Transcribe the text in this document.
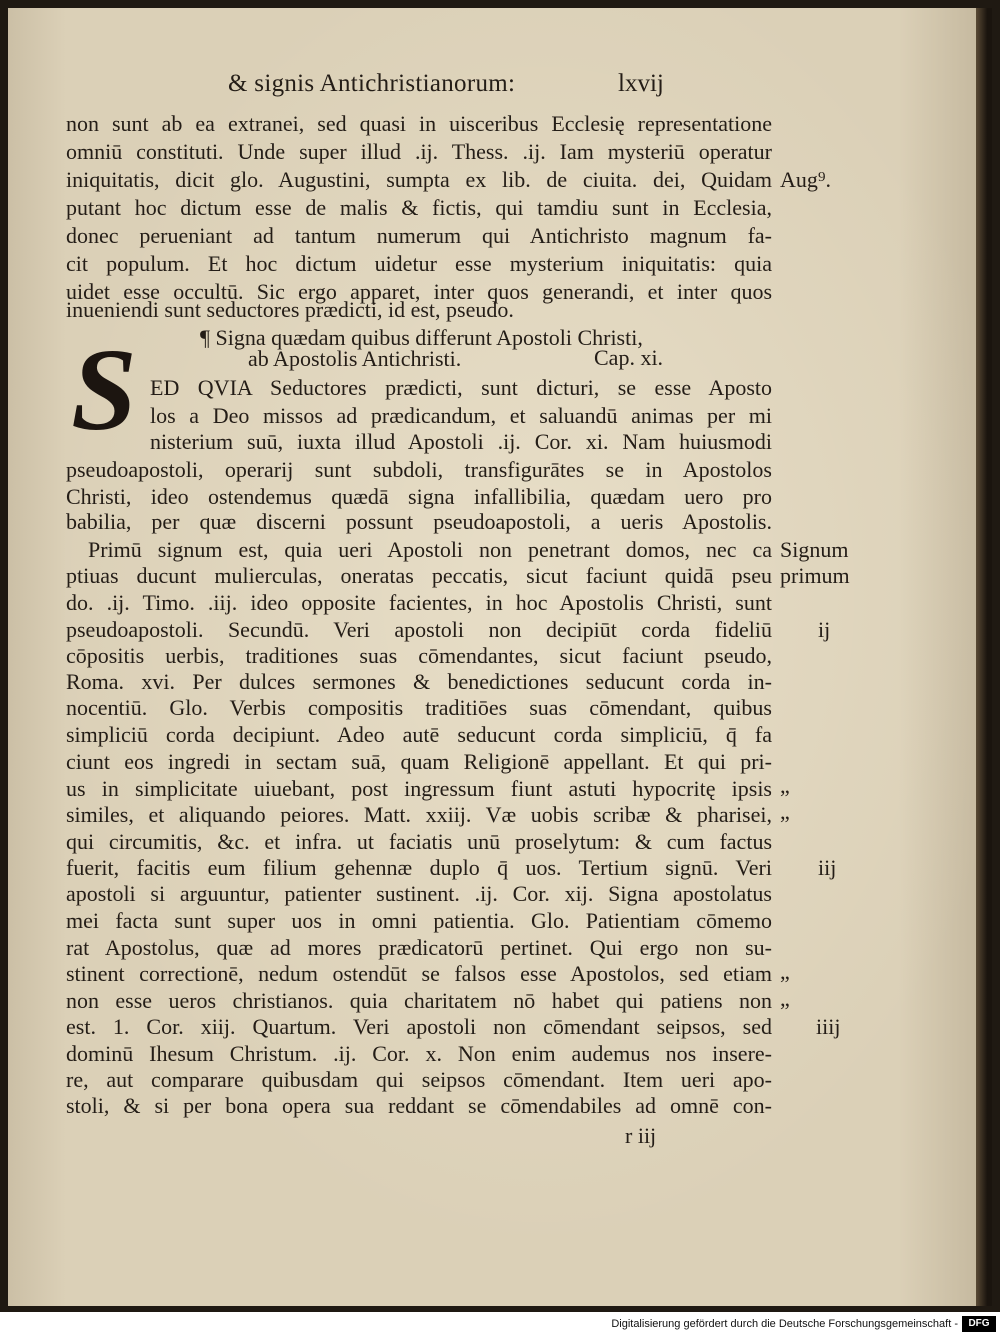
& signis Antichristianorum:	lxvij
non sunt ab ea extranei, sed quasi in uisceribus Ecclesię representatione
omniū constituti. Unde super illud .ij. Thess. .ij. Iam mysteriū operatur
iniquitatis, dicit glo. Augustini, sumpta ex lib. de ciuita. dei, Quidam
putant hoc dictum esse de malis & fictis, qui tamdiu sunt in Ecclesia,
donec perueniant ad tantum numerum qui Antichristo magnum fa-
cit populum. Et hoc dictum uidetur esse mysterium iniquitatis: quia
uidet esse occultū. Sic ergo apparet, inter quos generandi, et inter quos
inueniendi sunt seductores prædicti, id est, pseudo.
¶ Signa quædam quibus differunt Apostoli Christi,
ab Apostolis Antichristi.	Cap. xi.
S ED QVIA Seductores prædicti, sunt dicturi, se esse Aposto
los a Deo missos ad prædicandum, et saluandū animas per mi
nisterium suū, iuxta illud Apostoli .ij. Cor. xi. Nam huiusmodi
pseudoapostoli, operarij sunt subdoli, transfigurātes se in Apostolos
Christi, ideo ostendemus quædā signa infallibilia, quædam uero pro
babilia, per quæ discerni possunt pseudoapostoli, a ueris Apostolis.
Primū signum est, quia ueri Apostoli non penetrant domos, nec ca
ptiuas ducunt mulierculas, oneratas peccatis, sicut faciunt quidā pseu
do. .ij. Timo. .iij. ideo opposite facientes, in hoc Apostolis Christi, sunt
pseudoapostoli. Secundū. Veri apostoli non decipiūt corda fideliū
cōpositis uerbis, traditiones suas cōmendantes, sicut faciunt pseudo,
Roma. xvi. Per dulces sermones & benedictiones seducunt corda in-
nocentiū. Glo. Verbis compositis traditiōes suas cōmendant, quibus
simpliciū corda decipiunt. Adeo autē seducunt corda simpliciū, q̄ fa
ciunt eos ingredi in sectam suā, quam Religionē appellant. Et qui pri-
us in simplicitate uiuebant, post ingressum fiunt astuti hypocritę ipsis
similes, et aliquando peiores. Matt. xxiij. Væ uobis scribæ & pharisei,
qui circumitis, &c. et infra. ut faciatis unū proselytum: & cum factus
fuerit, facitis eum filium gehennæ duplo q̄ uos. Tertium signū. Veri
apostoli si arguuntur, patienter sustinent. .ij. Cor. xij. Signa apostolatus
mei facta sunt super uos in omni patientia. Glo. Patientiam cōmemo
rat Apostolus, quæ ad mores prædicatorū pertinet. Qui ergo non su-
stinent correctionē, nedum ostendūt se falsos esse Apostolos, sed etiam
non esse ueros christianos. quia charitatem nō habet qui patiens non
est. 1. Cor. xiij. Quartum. Veri apostoli non cōmendant seipsos, sed
dominū Ihesum Christum. .ij. Cor. x. Non enim audemus nos insere-
re, aut comparare quibusdam qui seipsos cōmendant. Item ueri apo-
stoli, & si per bona opera sua reddant se cōmendabiles ad omnē con-
r iij
Aug⁹.
Signum
primum
ij
„
„
iij
„
„
iiij
Digitalisierung gefördert durch die Deutsche Forschungsgemeinschaft -	DFG
